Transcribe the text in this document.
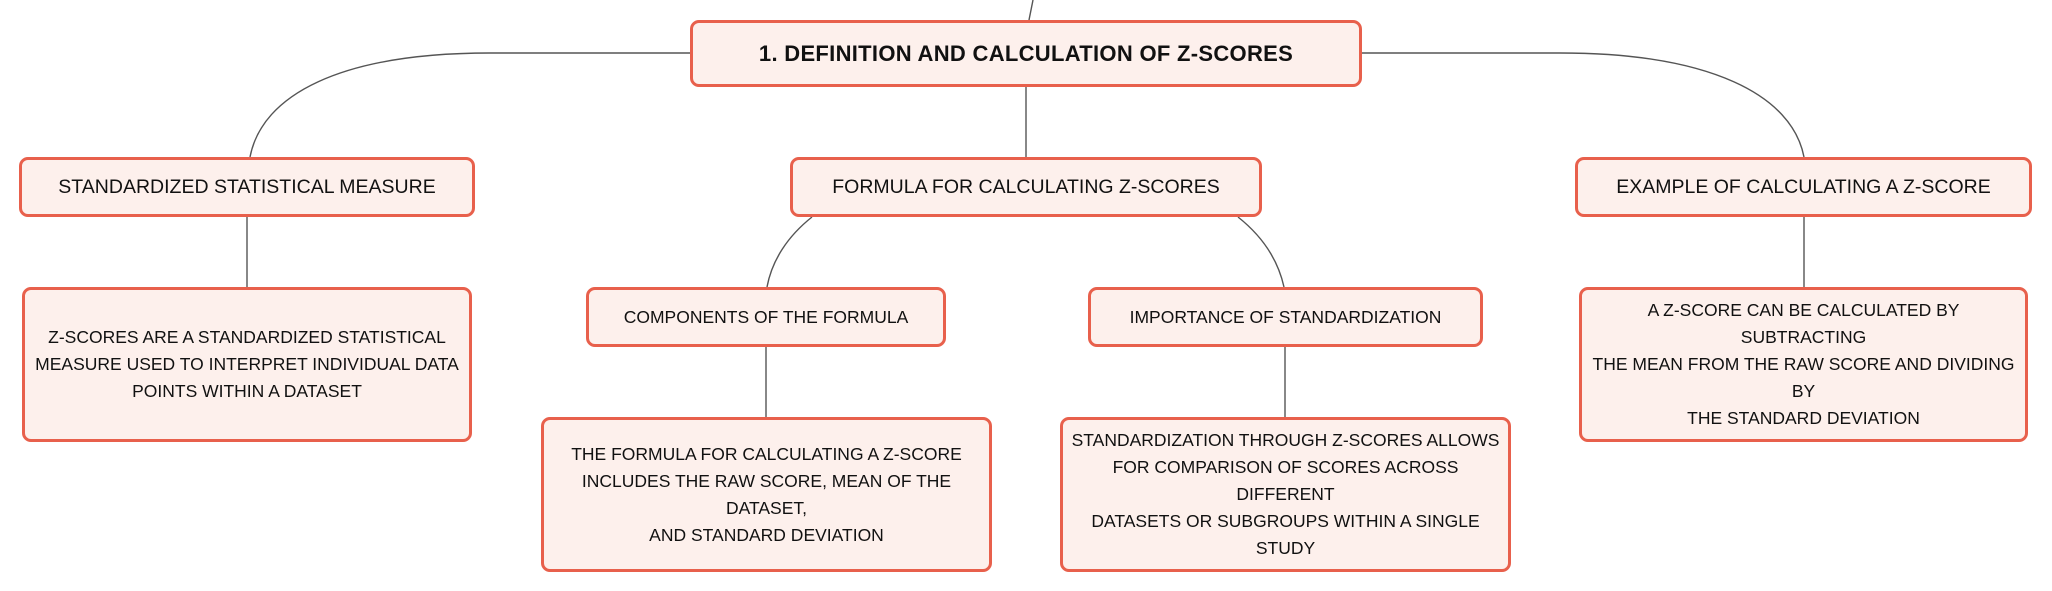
1. DEFINITION AND CALCULATION OF Z-SCORES
STANDARDIZED STATISTICAL MEASURE	FORMULA FOR CALCULATING Z-SCORES	EXAMPLE OF CALCULATING A Z-SCORE
COMPONENTS OF THE FORMULA	IMPORTANCE OF STANDARDIZATION
Z-SCORES ARE A STANDARDIZED STATISTICAL
MEASURE USED TO INTERPRET INDIVIDUAL DATA
POINTS WITHIN A DATASET
THE FORMULA FOR CALCULATING A Z-SCORE
INCLUDES THE RAW SCORE, MEAN OF THE DATASET,
AND STANDARD DEVIATION
STANDARDIZATION THROUGH Z-SCORES ALLOWS
FOR COMPARISON OF SCORES ACROSS DIFFERENT
DATASETS OR SUBGROUPS WITHIN A SINGLE STUDY
A Z-SCORE CAN BE CALCULATED BY SUBTRACTING
THE MEAN FROM THE RAW SCORE AND DIVIDING BY
THE STANDARD DEVIATION
